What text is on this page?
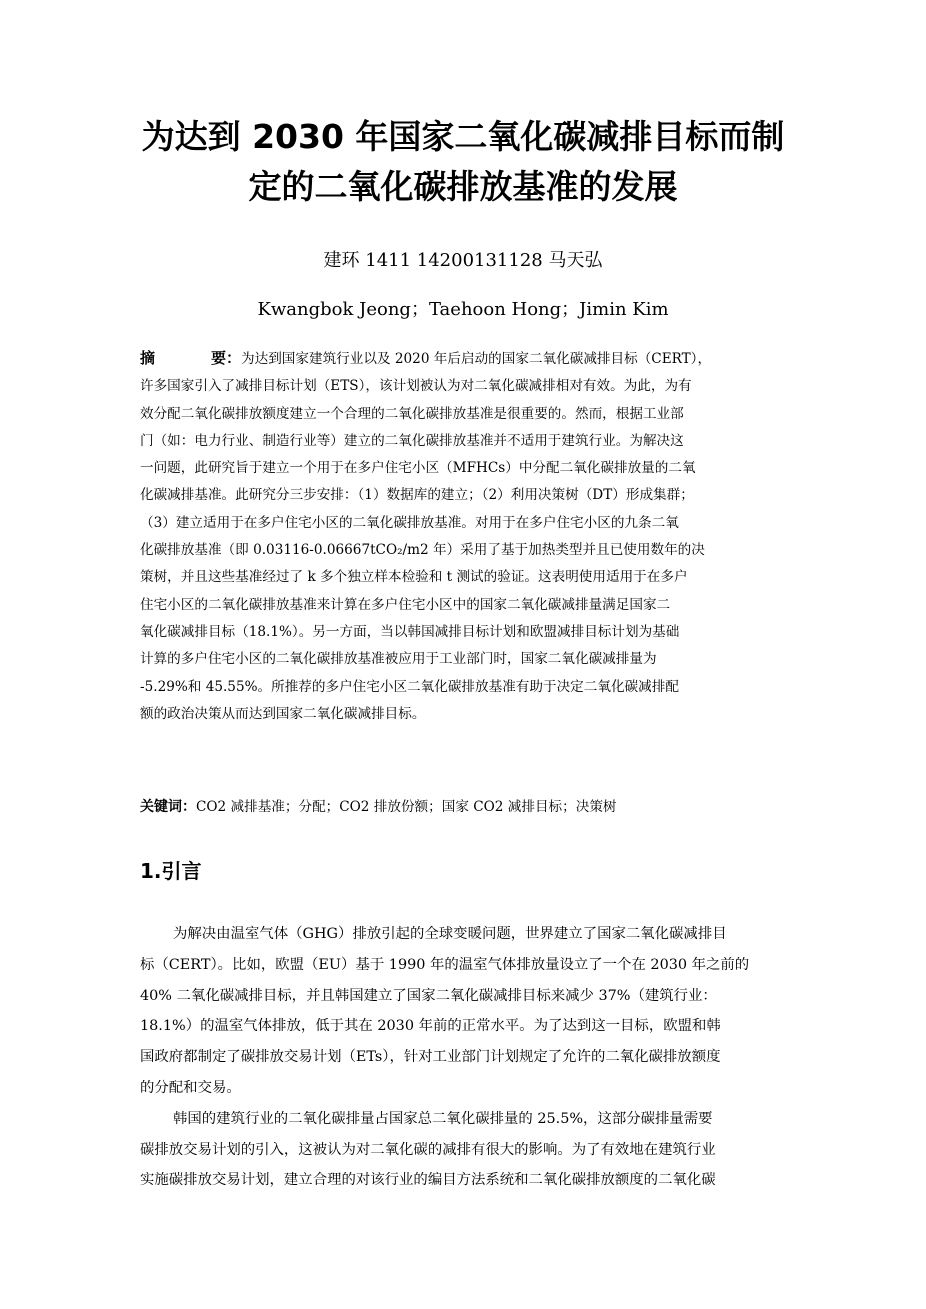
为达到 2030 年国家二氧化碳减排目标而制
定的二氧化碳排放基准的发展

建环 1411 14200131128 马天弘

Kwangbok Jeong；Taehoon Hong；Jimin Kim

摘	要：为达到国家建筑行业以及 2020 年后启动的国家二氧化碳减排目标（CERT），
许多国家引入了减排目标计划（ETS），该计划被认为对二氧化碳减排相对有效。为此，为有
效分配二氧化碳排放额度建立一个合理的二氧化碳排放基准是很重要的。然而，根据工业部
门（如：电力行业、制造行业等）建立的二氧化碳排放基准并不适用于建筑行业。为解决这
一问题，此研究旨于建立一个用于在多户住宅小区（MFHCs）中分配二氧化碳排放量的二氧
化碳减排基准。此研究分三步安排：（1）数据库的建立；（2）利用决策树（DT）形成集群；
（3）建立适用于在多户住宅小区的二氧化碳排放基准。对用于在多户住宅小区的九条二氧
化碳排放基准（即 0.03116-0.06667tCO₂/m2 年）采用了基于加热类型并且已使用数年的决
策树，并且这些基准经过了 k 多个独立样本检验和 t 测试的验证。这表明使用适用于在多户
住宅小区的二氧化碳排放基准来计算在多户住宅小区中的国家二氧化碳减排量满足国家二
氧化碳减排目标（18.1%）。另一方面，当以韩国减排目标计划和欧盟减排目标计划为基础
计算的多户住宅小区的二氧化碳排放基准被应用于工业部门时，国家二氧化碳减排量为
-5.29%和 45.55%。所推荐的多户住宅小区二氧化碳排放基准有助于决定二氧化碳减排配
额的政治决策从而达到国家二氧化碳减排目标。

关键词：CO2 减排基准；分配；CO2 排放份额；国家 CO2 减排目标；决策树

1.引言
为解决由温室气体（GHG）排放引起的全球变暖问题，世界建立了国家二氧化碳减排目
标（CERT）。比如，欧盟（EU）基于 1990 年的温室气体排放量设立了一个在 2030 年之前的
40% 二氧化碳减排目标，并且韩国建立了国家二氧化碳减排目标来减少 37%（建筑行业：
18.1%）的温室气体排放，低于其在 2030 年前的正常水平。为了达到这一目标，欧盟和韩
国政府都制定了碳排放交易计划（ETs），针对工业部门计划规定了允许的二氧化碳排放额度
的分配和交易。
韩国的建筑行业的二氧化碳排量占国家总二氧化碳排量的 25.5%，这部分碳排量需要
碳排放交易计划的引入，这被认为对二氧化碳的减排有很大的影响。为了有效地在建筑行业
实施碳排放交易计划，建立合理的对该行业的编目方法系统和二氧化碳排放额度的二氧化碳
